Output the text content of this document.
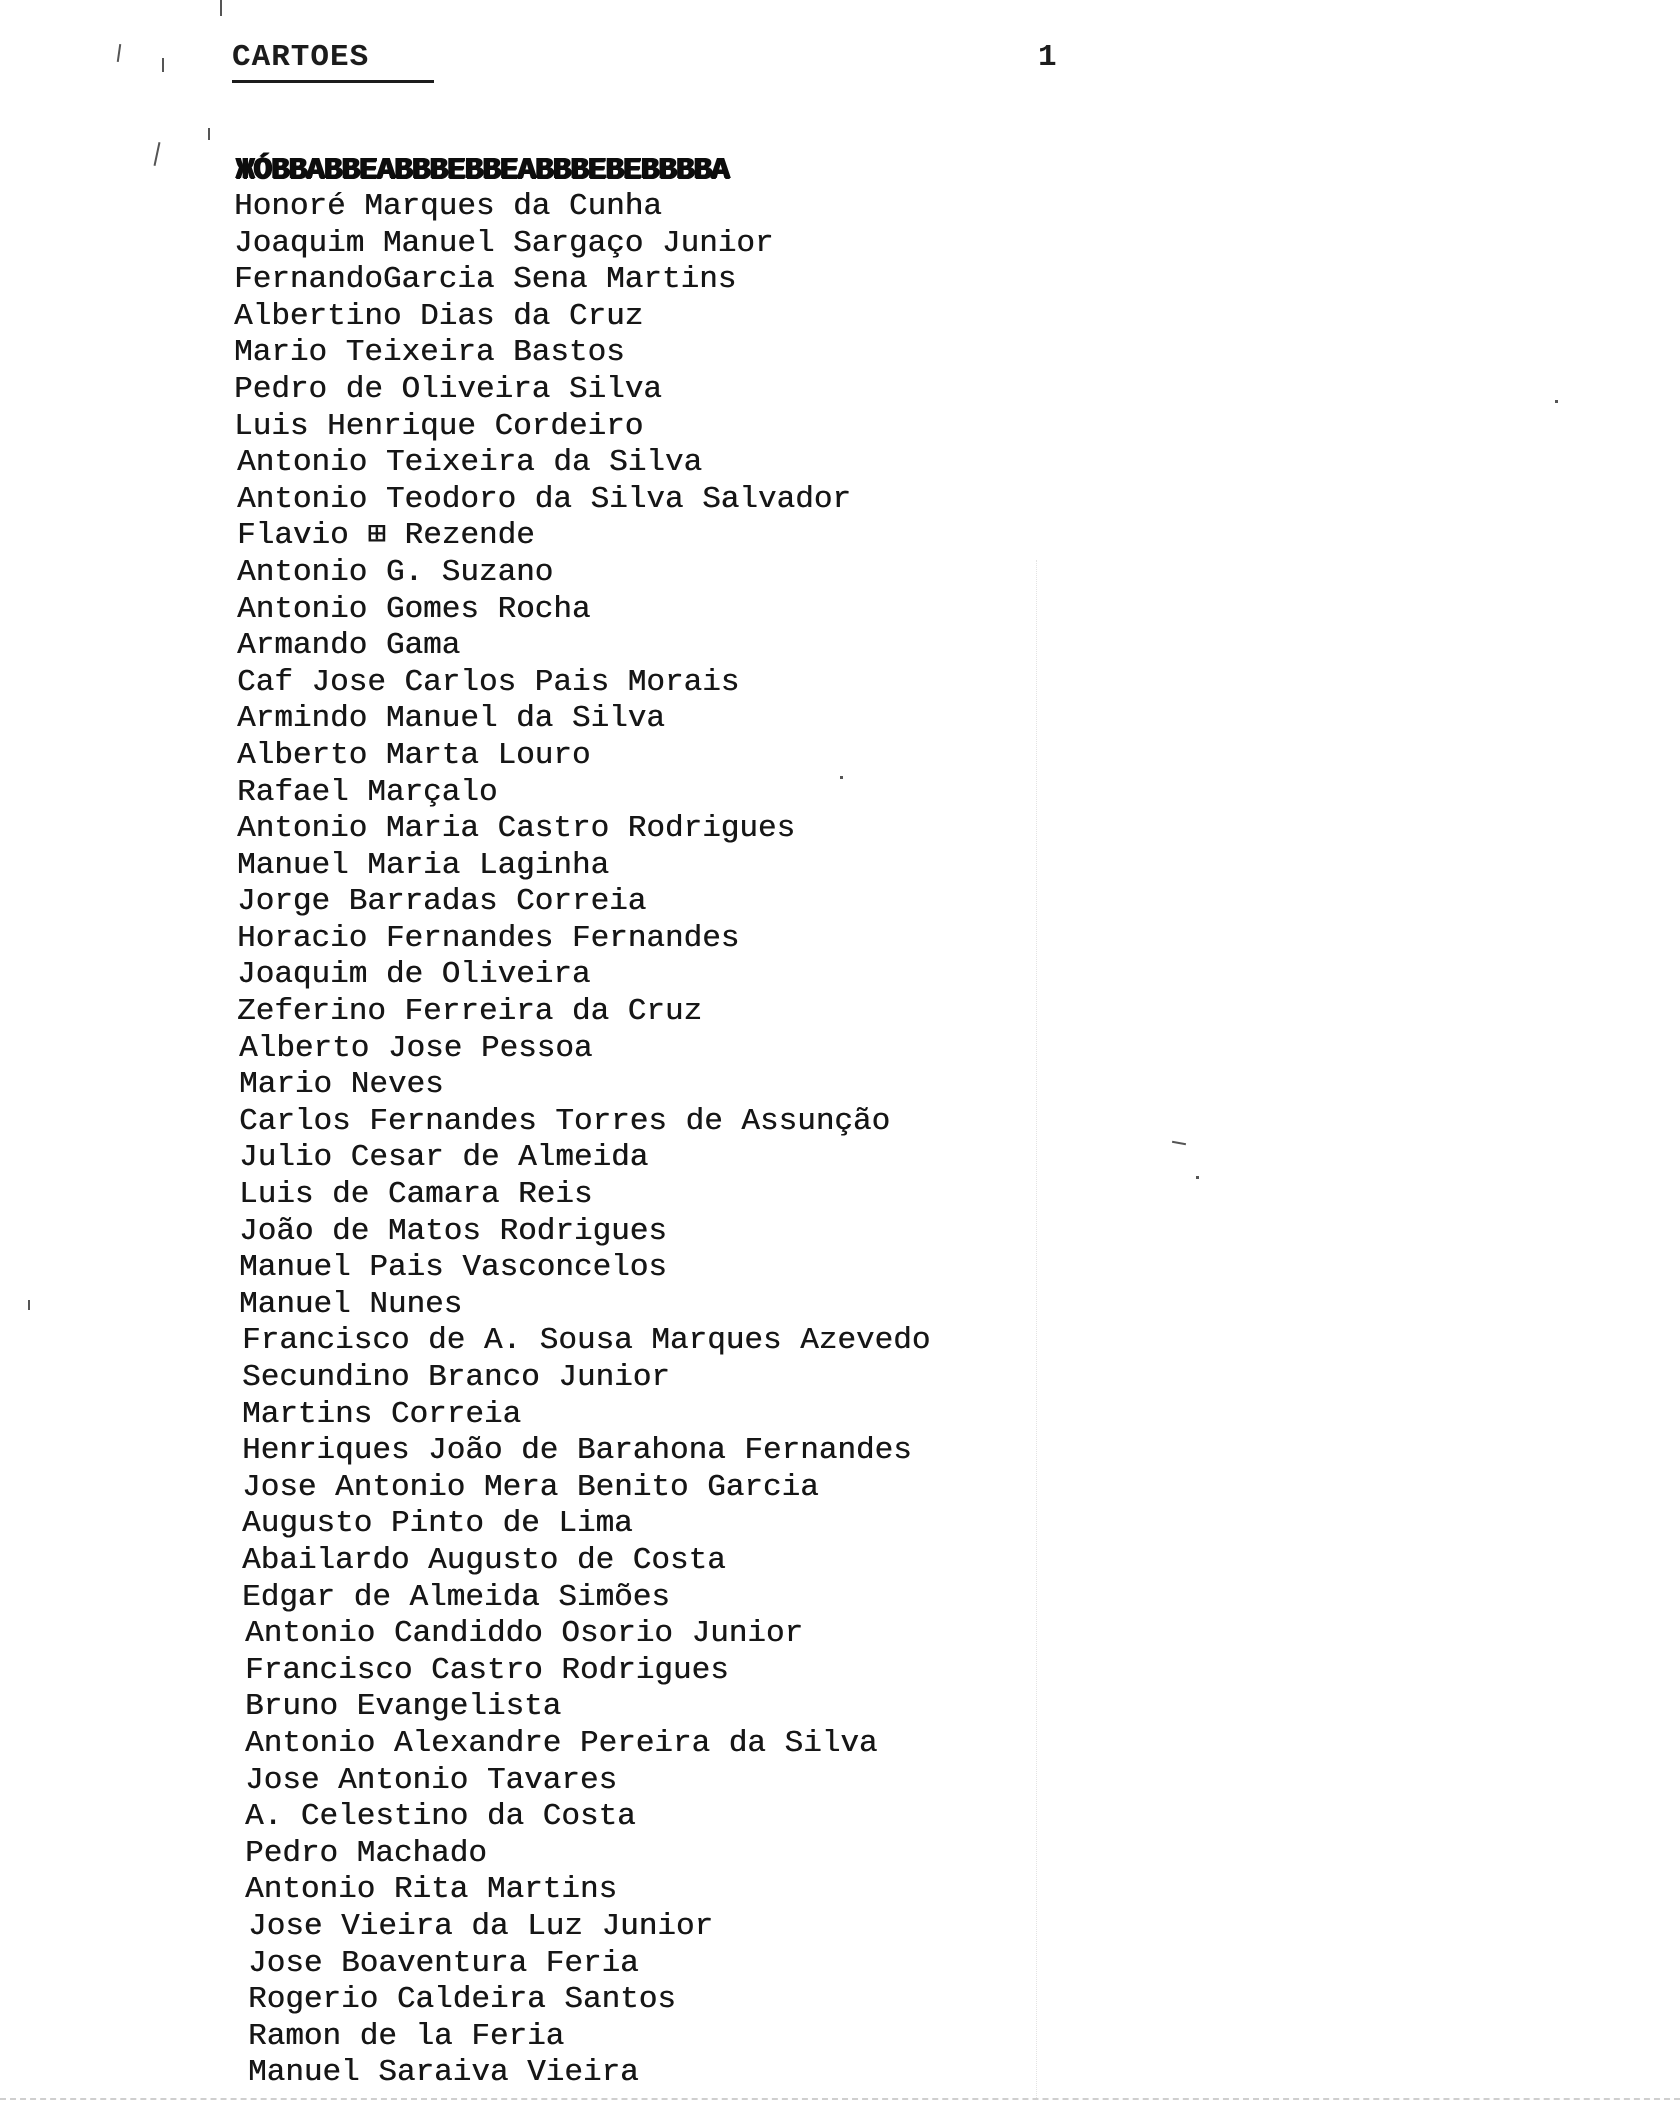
CARTOES	1
ЖÓВВАВВЕАВВВЕВВЕАВВВЕВЕВВВВА
Honoré Marques da Cunha
Joaquim Manuel Sargaço Junior
FernandoGarcia Sena Martins
Albertino Dias da Cruz
Mario Teixeira Bastos
Pedro de Oliveira Silva
Luis Henrique Cordeiro
Antonio Teixeira da Silva
Antonio Teodoro da Silva Salvador
Flavio ⊞ Rezende
Antonio G. Suzano
Antonio Gomes Rocha
Armando Gama
Caf Jose Carlos Pais Morais
Armindo Manuel da Silva
Alberto Marta Louro
Rafael Marçalo
Antonio Maria Castro Rodrigues
Manuel Maria Laginha
Jorge Barradas Correia
Horacio Fernandes Fernandes
Joaquim de Oliveira
Zeferino Ferreira da Cruz
Alberto Jose Pessoa
Mario Neves
Carlos Fernandes Torres de Assunção
Julio Cesar de Almeida
Luis de Camara Reis
João de Matos Rodrigues
Manuel Pais Vasconcelos
Manuel Nunes
Francisco de A. Sousa Marques Azevedo
Secundino Branco Junior
Martins Correia
Henriques João de Barahona Fernandes
Jose Antonio Mera Benito Garcia
Augusto Pinto de Lima
Abailardo Augusto de Costa
Edgar de Almeida Simões
Antonio Candiddo Osorio Junior
Francisco Castro Rodrigues
Bruno Evangelista
Antonio Alexandre Pereira da Silva
Jose Antonio Tavares
A. Celestino da Costa
Pedro Machado
Antonio Rita Martins
Jose Vieira da Luz Junior
Jose Boaventura Feria
Rogerio Caldeira Santos
Ramon de la Feria
Manuel Saraiva Vieira
